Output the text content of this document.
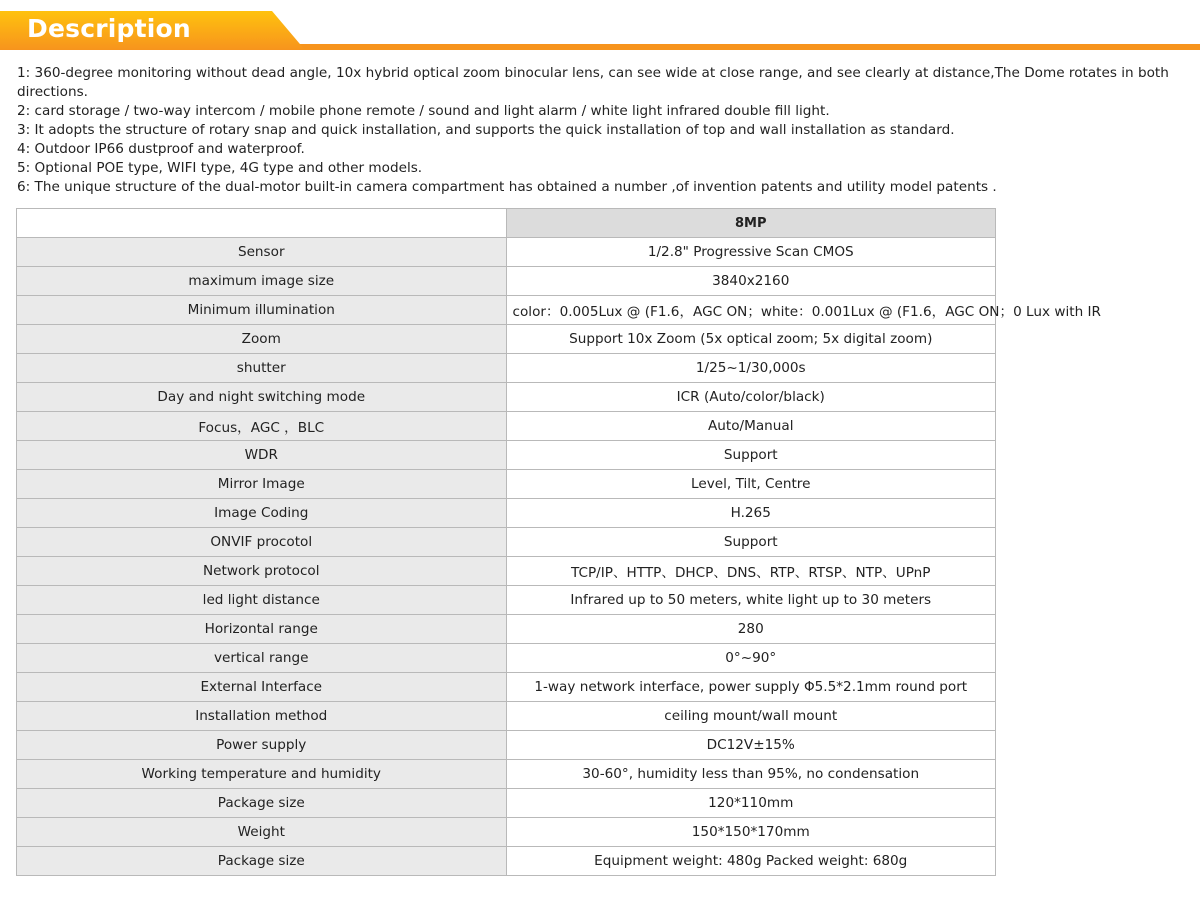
Description

1: 360-degree monitoring without dead angle, 10x hybrid optical zoom binocular lens, can see wide at close range, and see clearly at distance,The Dome rotates in both directions.

2: card storage / two-way intercom / mobile phone remote / sound and light alarm / white light infrared double fill light.

3: It adopts the structure of rotary snap and quick installation, and supports the quick installation of top and wall installation as standard.

4: Outdoor IP66 dustproof and waterproof.

5: Optional POE type, WIFI type, 4G type and other models.

6: The unique structure of the dual-motor built-in camera compartment has obtained a number ,of invention patents and utility model patents .

	8MP
Sensor	1/2.8" Progressive Scan CMOS
maximum image size	3840x2160
Minimum illumination	color：0.005Lux @ (F1.6，AGC ON；white：0.001Lux @ (F1.6，AGC ON；0 Lux with IR
Zoom	Support 10x Zoom (5x optical zoom; 5x digital zoom)
shutter	1/25~1/30,000s
Day and night switching mode	ICR (Auto/color/black)
Focus，AGC ，BLC	Auto/Manual
WDR	Support
Mirror Image	Level, Tilt, Centre
Image Coding	H.265
ONVIF procotol	Support
Network protocol	TCP/IP、HTTP、DHCP、DNS、RTP、RTSP、NTP、UPnP
led light distance	Infrared up to 50 meters, white light up to 30 meters
Horizontal range	280
vertical range	0°~90°
External Interface	1-way network interface, power supply Φ5.5*2.1mm round port
Installation method	ceiling mount/wall mount
Power supply	DC12V±15%
Working temperature and humidity	30-60°, humidity less than 95%, no condensation
Package size	120*110mm
Weight	150*150*170mm
Package size	Equipment weight: 480g Packed weight: 680g
